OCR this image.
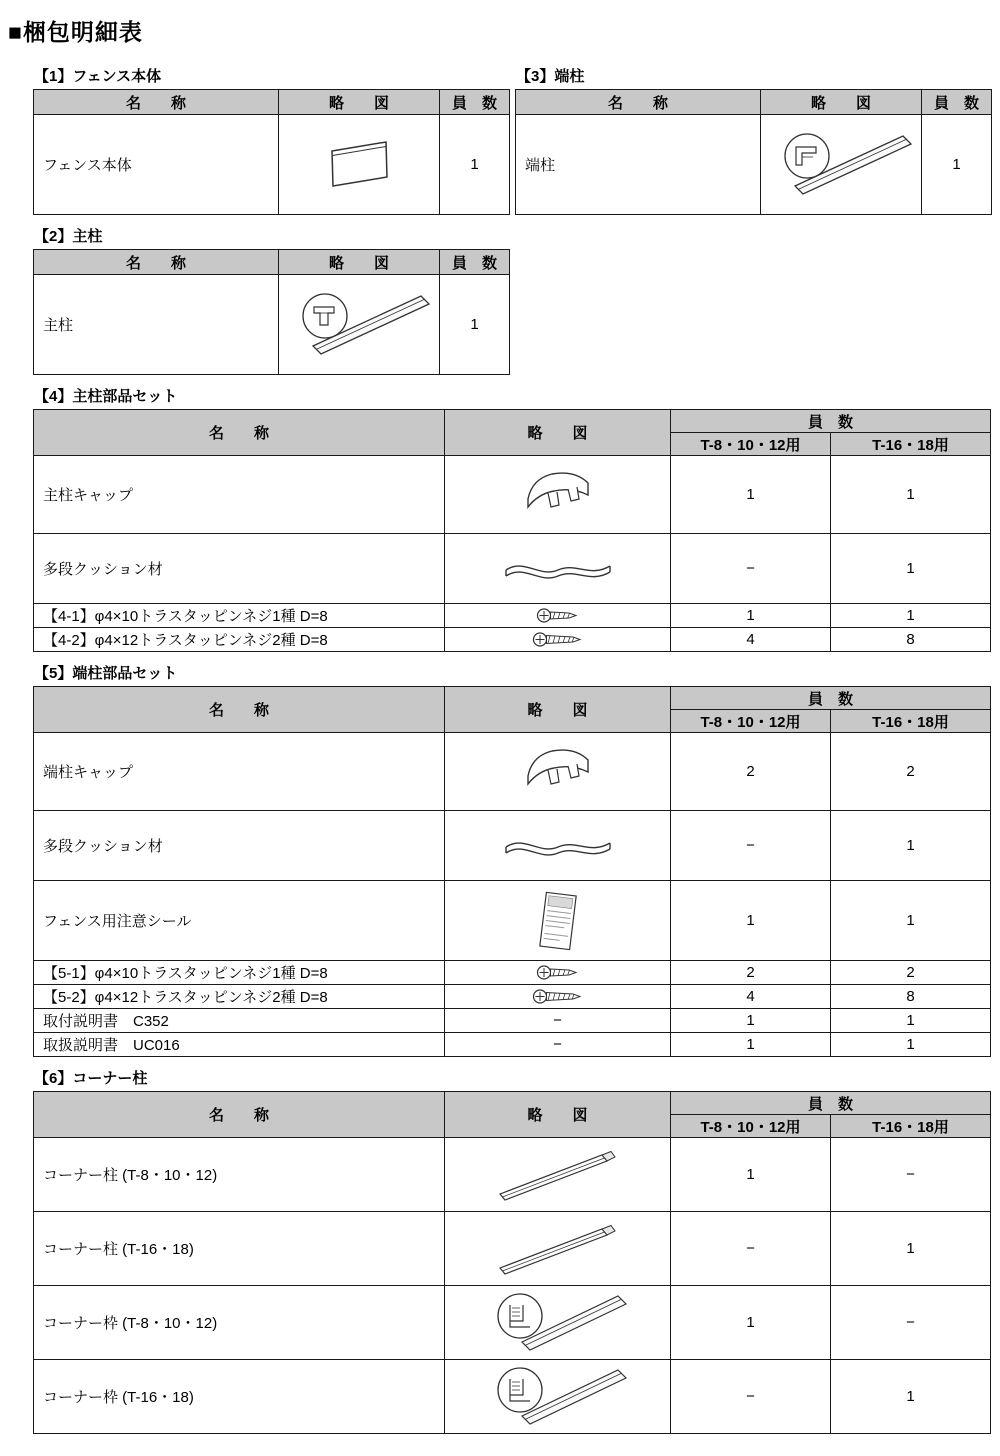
■梱包明細表
【1】フェンス本体
名　　称	略　　図	員　数
フェンス本体		1
【2】主柱
名　　称	略　　図	員　数
主柱		1
【3】端柱
名　　称	略　　図	員　数
端柱		1
【4】主柱部品セット
名　　称	略　　図	員　数	
		T-8・10・12用	T-16・18用
主柱キャップ		1	1
多段クッション材		−	1
【4-1】φ4×10トラスタッピンネジ1種 D=8		1	1
【4-2】φ4×12トラスタッピンネジ2種 D=8		4	8
【5】端柱部品セット
名　　称	略　　図	員　数	
		T-8・10・12用	T-16・18用
端柱キャップ		2	2
多段クッション材		−	1
フェンス用注意シール		1	1
【5-1】φ4×10トラスタッピンネジ1種 D=8		2	2
【5-2】φ4×12トラスタッピンネジ2種 D=8		4	8
取付説明書　C352	−	1	1
取扱説明書　UC016	−	1	1
【6】コーナー柱
名　　称	略　　図	員　数	
		T-8・10・12用	T-16・18用
コーナー柱 (T-8・10・12)		1	−
コーナー柱 (T-16・18)		−	1
コーナー枠 (T-8・10・12)		1	−
コーナー枠 (T-16・18)		−	1
